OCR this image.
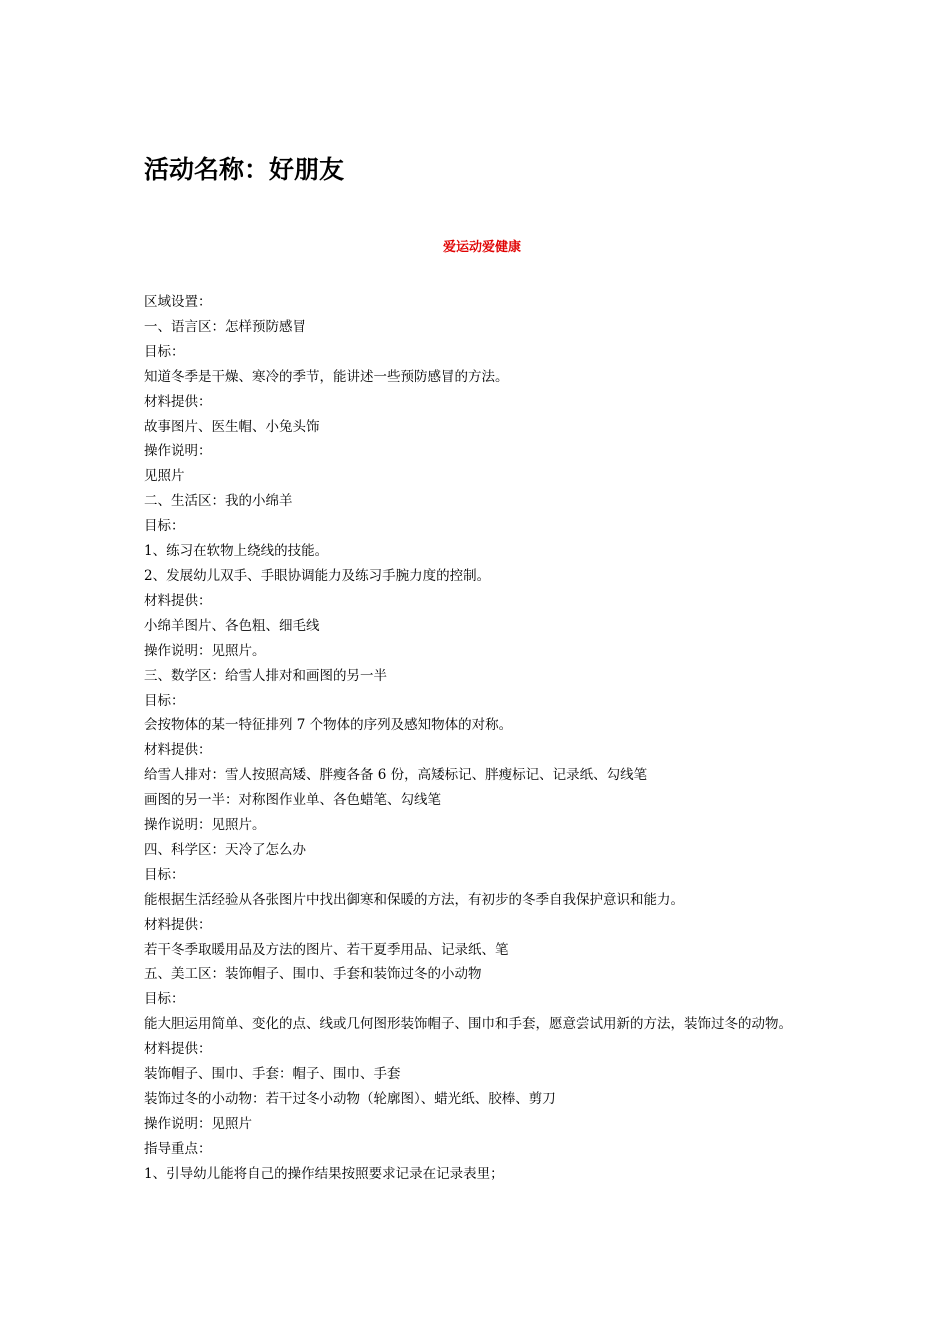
活动名称：好朋友

爱运动爱健康

区域设置：

一、语言区：怎样预防感冒

目标：

知道冬季是干燥、寒冷的季节，能讲述一些预防感冒的方法。

材料提供：

故事图片、医生帽、小兔头饰

操作说明：

见照片

二、生活区：我的小绵羊

目标：

1、练习在软物上绕线的技能。

2、发展幼儿双手、手眼协调能力及练习手腕力度的控制。

材料提供：

小绵羊图片、各色粗、细毛线

操作说明：见照片。

三、数学区：给雪人排对和画图的另一半

目标：

会按物体的某一特征排列 7 个物体的序列及感知物体的对称。

材料提供：

给雪人排对：雪人按照高矮、胖瘦各备 6 份，高矮标记、胖瘦标记、记录纸、勾线笔

画图的另一半：对称图作业单、各色蜡笔、勾线笔

操作说明：见照片。

四、科学区：天冷了怎么办

目标：

能根据生活经验从各张图片中找出御寒和保暖的方法，有初步的冬季自我保护意识和能力。

材料提供：

若干冬季取暖用品及方法的图片、若干夏季用品、记录纸、笔

五、美工区：装饰帽子、围巾、手套和装饰过冬的小动物

目标：

能大胆运用简单、变化的点、线或几何图形装饰帽子、围巾和手套，愿意尝试用新的方法，装饰过冬的动物。

材料提供：

装饰帽子、围巾、手套：帽子、围巾、手套

装饰过冬的小动物：若干过冬小动物（轮廓图）、蜡光纸、胶棒、剪刀

操作说明：见照片

指导重点：

1、引导幼儿能将自己的操作结果按照要求记录在记录表里；
